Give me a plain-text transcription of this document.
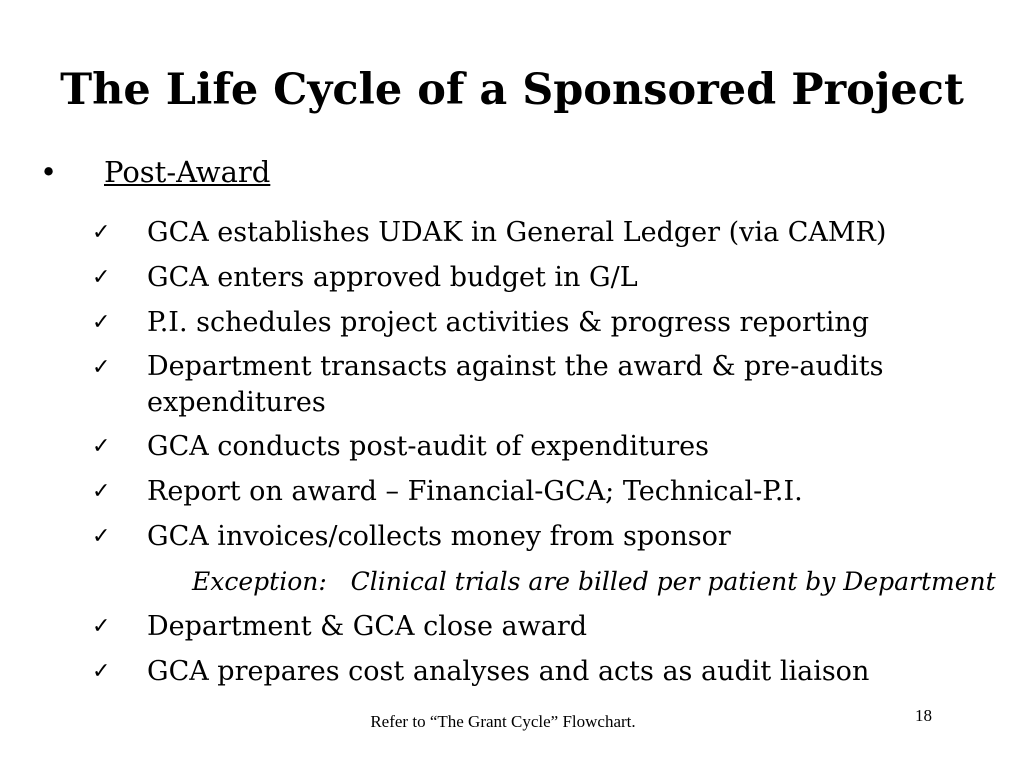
The Life Cycle of a Sponsored Project
•	Post-Award
✓	GCA establishes UDAK in General Ledger (via CAMR)
✓	GCA enters approved budget in G/L
✓	P.I. schedules project activities & progress reporting
✓	Department transacts against the award & pre-audits expenditures
✓	GCA conducts post-audit of expenditures
✓	Report on award – Financial-GCA; Technical-P.I.
✓	GCA invoices/collects money from sponsor
Exception:   Clinical trials are billed per patient by Department
✓	Department & GCA close award
✓	GCA prepares cost analyses and acts as audit liaison
Refer to “The Grant Cycle” Flowchart.	18
